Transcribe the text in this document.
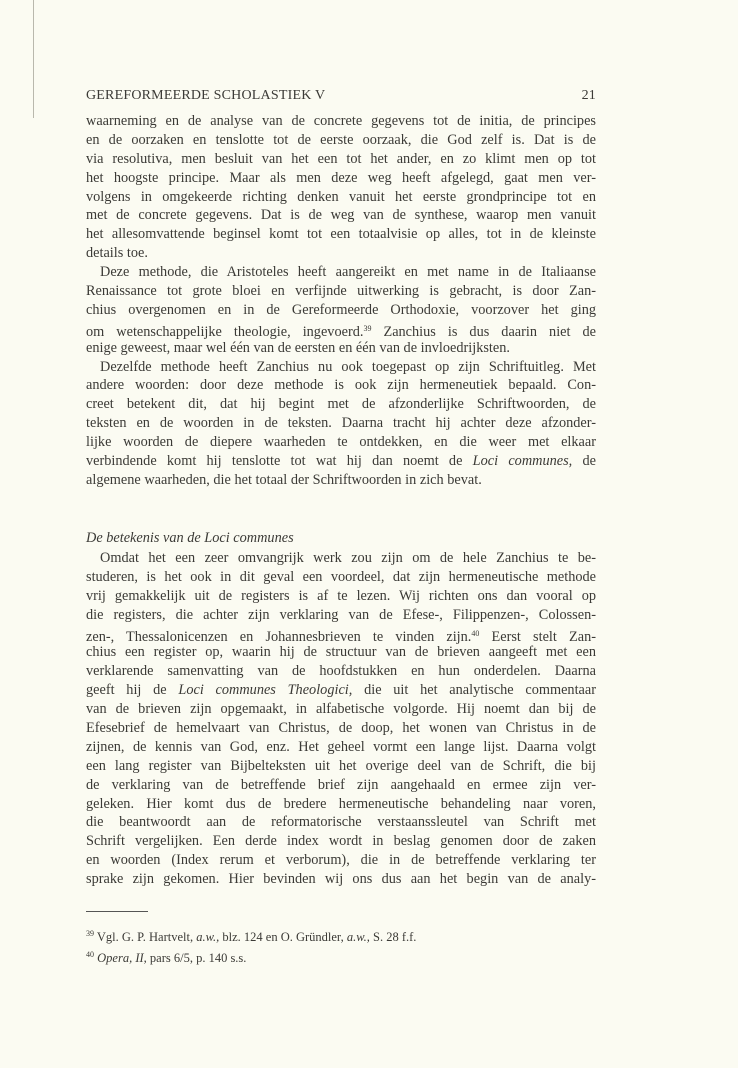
GEREFORMEERDE SCHOLASTIEK V	21
waarneming en de analyse van de concrete gegevens tot de initia, de principes
en de oorzaken en tenslotte tot de eerste oorzaak, die God zelf is. Dat is de
via resolutiva, men besluit van het een tot het ander, en zo klimt men op tot
het hoogste principe. Maar als men deze weg heeft afgelegd, gaat men ver-
volgens in omgekeerde richting denken vanuit het eerste grondprincipe tot en
met de concrete gegevens. Dat is de weg van de synthese, waarop men vanuit
het allesomvattende beginsel komt tot een totaalvisie op alles, tot in de kleinste
details toe.
Deze methode, die Aristoteles heeft aangereikt en met name in de Italiaanse
Renaissance tot grote bloei en verfijnde uitwerking is gebracht, is door Zan-
chius overgenomen en in de Gereformeerde Orthodoxie, voorzover het ging
om wetenschappelijke theologie, ingevoerd.$^{39}$ Zanchius is dus daarin niet de
enige geweest, maar wel één van de eersten en één van de invloedrijksten.
Dezelfde methode heeft Zanchius nu ook toegepast op zijn Schriftuitleg. Met
andere woorden: door deze methode is ook zijn hermeneutiek bepaald. Con-
creet betekent dit, dat hij begint met de afzonderlijke Schriftwoorden, de
teksten en de woorden in de teksten. Daarna tracht hij achter deze afzonder-
lijke woorden de diepere waarheden te ontdekken, en die weer met elkaar
verbindende komt hij tenslotte tot wat hij dan noemt de Loci communes, de
algemene waarheden, die het totaal der Schriftwoorden in zich bevat.
De betekenis van de Loci communes
Omdat het een zeer omvangrijk werk zou zijn om de hele Zanchius te be-
studeren, is het ook in dit geval een voordeel, dat zijn hermeneutische methode
vrij gemakkelijk uit de registers is af te lezen. Wij richten ons dan vooral op
die registers, die achter zijn verklaring van de Efese-, Filippenzen-, Colossen-
zen-, Thessalonicenzen en Johannesbrieven te vinden zijn.$^{40}$ Eerst stelt Zan-
chius een register op, waarin hij de structuur van de brieven aangeeft met een
verklarende samenvatting van de hoofdstukken en hun onderdelen. Daarna
geeft hij de Loci communes Theologici, die uit het analytische commentaar
van de brieven zijn opgemaakt, in alfabetische volgorde. Hij noemt dan bij de
Efesebrief de hemelvaart van Christus, de doop, het wonen van Christus in de
zijnen, de kennis van God, enz. Het geheel vormt een lange lijst. Daarna volgt
een lang register van Bijbelteksten uit het overige deel van de Schrift, die bij
de verklaring van de betreffende brief zijn aangehaald en ermee zijn ver-
geleken. Hier komt dus de bredere hermeneutische behandeling naar voren,
die beantwoordt aan de reformatorische verstaanssleutel van Schrift met
Schrift vergelijken. Een derde index wordt in beslag genomen door de zaken
en woorden (Index rerum et verborum), die in de betreffende verklaring ter
sprake zijn gekomen. Hier bevinden wij ons dus aan het begin van de analy-
$^{39}$ Vgl. G. P. Hartvelt, a.w., blz. 124 en O. Gründler, a.w., S. 28 f.f.
$^{40}$ Opera, II, pars 6/5, p. 140 s.s.
